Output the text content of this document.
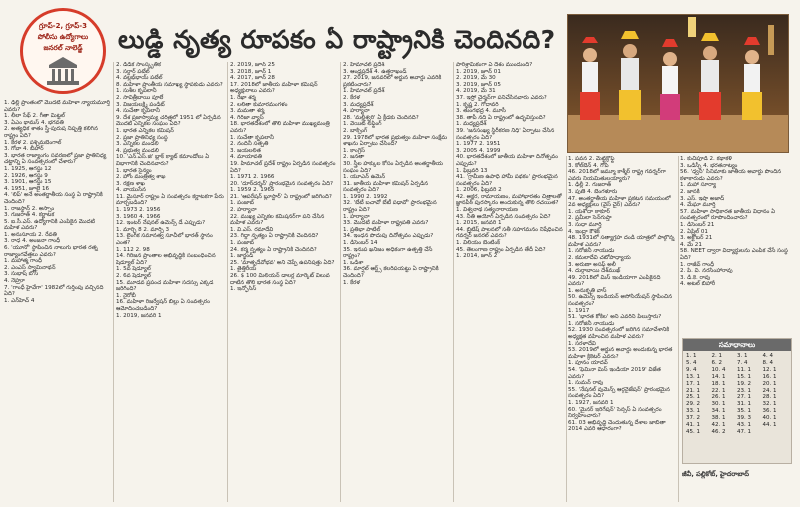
గ్రూప్-2, గ్రూప్-3
పోలీసు ఉద్యోగాలు
జనరల్ నాలెడ్జ్	లుడ్డి నృత్య రూపకం ఏ రాష్ట్రానికి చెందినది?

1. ఢిల్లీ ప్రాంతంలో మొదటి మహిళా న్యాయమూర్తి ఎవరు?

1. లీలా సేథ్ 2. గీతా మిట్టల్

3. ఏఎం థామస్ 4. భగవతి

2. అత్యధిక శాతం స్త్రీ-పురుష నిష్పత్తి కలిగిన రాష్ట్రం ఏది?

1. కేరళ 2. పశ్చిమబెంగాల్

3. గోవా 4. బీహార్

3. భారత రాజ్యాంగం సవరణలో ప్రజా ప్రాతినిధ్య చట్టాన్ని ఏ సంవత్సరంలో చేశారు?

1. 1925, ఆగస్టు 12

2. 1926, ఆగస్టు 9

3. 1901, ఆగస్టు 15

4. 1951, జూలై 16

4. 'లిప్' అనే అంతర్జాతీయ సంస్థ ఏ రాష్ట్రానికి చెందింది?

1. రాజస్థాన్ 2. అస్సాం

3. గుజరాత్ 4. కర్ణాటక

5. ఐ.సీ.ఎస్. ఉద్యోగానికి ఎంపికైన మొదటి మహిళ ఎవరు?

1. అనుసూయ 2. రేవతి

3. రాధ 4. అంజనా గాంధీ

6. 'యూనో' స్థాపించిన నాలుగు భారత రత్న రాజ్యాంగవేత్తలు ఎవరు?

1. మహాత్మ గాంధీ

2. ఎంఎస్ స్వామినాథన్

3. సుభాష్ బోస్

4. నెహ్రూ

7. 'గాంధీ హైవేగా' 1982లో గుర్తింపు వచ్చినది ఏది?

1. ఎన్‌హెచ్ 4

2. డిడిక సాంస్కృతిక

3. సర్దార్ పటేల్

4. వల్లభ్‌భాయ్ పటేల్

8. మహిళా ప్రాంతీయ సమాఖ్య స్థాపకుడు ఎవరు?

1. సుశీల కృపలానీ

2. సావిత్రీబాయి పూలే

3. విజయలక్ష్మి పండిట్

4. సుచేతా కృపలానీ

9. దేశ ప్రజాస్వామ్య చరిత్రలో 1951 లో ఏర్పడిన మొదటి ఎన్నికల సంఘం ఏది?

1. భారత ఎన్నికల కమిషన్

2. ప్రజా ప్రాతినిధ్య సంస్థ

3. ఎన్నికల మండలి

4. ప్రభుత్వ మండలి

10. 'ఎన్.ఎస్.జి' బ్లాక్ క్యాట్ కమాండోలు ఏ విభాగానికి చెందినవారు?

1. భారత సైన్యం

2. హోం మంత్రిత్వ శాఖ

3. రక్షణ శాఖ

4. వాయుసేన

11. మైసూర్ రాష్ట్రం ఏ సంవత్సరం కర్ణాటకగా పేరు మార్చబడింది?

1. 1973 2. 1956

3. 1960 4. 1966

12. ఇంటర్ నేషనల్ ఉమెన్స్ డే ఎప్పుడు?

1. మార్చి 8 2. మార్చి 3

13. లైంగిక సమానత్వ సూచీలో భారత్ స్థానం ఎంత?

1. 112 2. 98

14. గిరిజన ప్రాంతాల అభివృద్ధికి సంబంధించిన షెడ్యూల్ ఏది?

1. 5వ షెడ్యూల్

2. 6వ షెడ్యూల్

15. మూడవ ప్రపంచ మహిళా సదస్సు ఎక్కడ జరిగింది?

1. నైరోబీ

16. మహిళా రిజర్వేషన్ బిల్లు ఏ సంవత్సరం ఆమోదించబడింది?

1. 2019, జనవరి 1

2. 2019, జూన్ 25

3. 2018, జూన్ 1

4. 2017, జూన్ 28

17. 2018లో జాతీయ మహిళా కమిషన్ అధ్యక్షురాలు ఎవరు?

1. రేఖా శర్మ

2. లలితా కుమారమంగళం

3. మమతా శర్మ

4. గిరిజా వ్యాస్

18. భారతదేశంలో తొలి మహిళా ముఖ్యమంత్రి ఎవరు?

1. సుచేతా కృపలానీ

2. నందినీ సత్పతి

3. జయలలిత

4. మాయావతి

19. హిమాచల్ ప్రదేశ్ రాష్ట్రం ఏర్పడిన సంవత్సరం ఏది?

1. 1971 2. 1966

20. 'దూర్‌దర్శన్' ప్రారంభమైన సంవత్సరం ఏది?

1. 1959 2. 1965

21. 'ఆపరేషన్ బ్లూస్టార్' ఏ రాష్ట్రంలో జరిగింది?

1. పంజాబ్

2. హర్యానా

22. ముఖ్య ఎన్నికల కమిషనర్‌గా పని చేసిన మహిళ ఎవరు?

1. వి.ఎస్. రమాదేవి

23. గిద్దా నృత్యం ఏ రాష్ట్రానికి చెందినది?

1. పంజాబ్

24. కర్మ నృత్యం ఏ రాష్ట్రానికి చెందినది?

1. జార్ఖండ్

25. 'మాతృదేవోభవ' అని చెప్పే ఉపనిషత్తు ఏది?

1. తైత్తిరీయ

26. $ 100 మిలియన్ డాలర్ల మార్కెట్ విలువ దాటిన తొలి భారత సంస్థ ఏది?

1. ఇన్ఫోసిస్

2. హిమాచల్ ప్రదేశ్

3. ఆంధ్రప్రదేశ్ 4. ఉత్తరాఖండ్

27. 2019, జనవరిలో అర్జున అవార్డు ఎవరికి ప్రకటించారు?

1. హిమాచల్ ప్రదేశ్

2. కేరళ

3. మధ్యప్రదేశ్

4. హర్యానా

28. 'మల్లీశ్వరి' ఏ క్రీడకు చెందినది?

1. వెయిట్ లిఫ్టింగ్

2. బాక్సింగ్

29. 1978లో భారత ప్రభుత్వం మహిళా సంక్షేమ శాఖను ఏర్పాటు చేసింది?

1. కాంగ్రెస్

2. జనతా

30. స్త్రీల హక్కుల కోసం ఏర్పడిన అంతర్జాతీయ సంఘం ఏది?

1. యూఎన్ ఉమెన్

31. జాతీయ మహిళా కమిషన్ ఏర్పడిన సంవత్సరం ఏది?

1. 1990 2. 1992

32. 'బేటీ బచావో బేటీ పఢావో' ప్రారంభమైన రాష్ట్రం ఏది?

1. హర్యానా

33. మొదటి మహిళా రాష్ట్రపతి ఎవరు?

1. ప్రతిభా పాటిల్

34. ఇంధన పొదుపు దినోత్సవం ఎప్పుడు?

1. డిసెంబర్ 14

35. ఇనుప ఖనిజం అధికంగా ఉత్పత్తి చేసే రాష్ట్రం?

1. ఒడిశా

36. మార్షల్ ఆర్ట్స్ కలరిపయట్టు ఏ రాష్ట్రానికి చెందింది?

1. కేరళ

పారిశ్రామికంగా ఏ దేశం ముందుంది?

1. 2019, జూన్ 01

2. 2019, మే 30

3. 2019, జూన్ 05

4. 2019, మే 31

37. ఇస్రో చైర్మన్‌గా పనిచేసినవారు ఎవరు?

1. కృష్ణ 2. గోదావరి

3. తుంగభద్ర 4. మూసీ

38. తాపీ నది ఏ రాష్ట్రంలో ఉద్భవిస్తుంది?

1. మధ్యప్రదేశ్

39. 'జనసంఖ్య స్థిరీకరణ నిధి' ఏర్పాటు చేసిన సంవత్సరం ఏది?

1. 1977 2. 1951

3. 2005 4. 1999

40. భారతదేశంలో జాతీయ మహిళా దినోత్సవం ఎప్పుడు?

1. ఫిబ్రవరి 13

41. 'గ్రామీణ ఉపాధి హామీ పథకం' ప్రారంభమైన సంవత్సరం ఏది?

1. 2006, ఫిబ్రవరి 2

42. అక్షర, రామాయణం, మహాభారతం చిత్రాలతో జ్ఞానపీఠ్ పురస్కారం అందుకున్న తొలి రచయిత?

1. విశ్వనాథ సత్యనారాయణ

43. నీతి ఆయోగ్ ఏర్పడిన సంవత్సరం ఏది?

1. 2015, జనవరి 1

44. బ్రిటిష్ పాలనలో సతీ సహగమనం నిషేధించిన గవర్నర్ జనరల్ ఎవరు?

1. విలియం బెంటింక్

45. తెలంగాణ రాష్ట్రం ఏర్పడిన తేదీ ఏది?

1. 2014, జూన్ 2

1. పవన 2. మెట్ట్‌క్రోఫ్ట్

3. కోల్‌బెన్ 4. గోపి

46. 2018లో జమ్మూ కాశ్మీర్ రాష్ట్ర గవర్నర్‌గా ఎవరు నియమితులయ్యారు?

1. ఢిల్లీ 2. గుజరాత్

3. పుణె 4. బెంగళూరు

47. అంతర్జాతీయ మహిళా ప్రకటన సమయంలో 2వ అధ్యక్షులు (వైస్ చైర్) ఎవరు?

1. యశోదా ఠాకూర్

2. ప్రమీలా సెన్‌గుప్తా

3. సుధా మూర్తి

4. ఇంద్రా కౌశిక్

48. 1931లో సత్యాగ్రహ దండి యాత్రలో పాల్గొన్న మహిళ ఎవరు?

1. సరోజినీ నాయుడు

2. కమలాదేవి చటోపాధ్యాయ

3. అరుణా అసఫ్ అలీ

4. దుర్గాబాయి దేశ్‌ముఖ్

49. 2018లో మిస్ ఇండియాగా ఎంపికైనది ఎవరు?

1. అనుకృతి వాస్

50. ఉమెన్స్ ఇండియన్ అసోసియేషన్ స్థాపించిన సంవత్సరం?

1. 1917

51. 'భారత కోకిల' అని ఎవరిని పిలుస్తారు?

1. సరోజినీ నాయుడు

52. 1930 సంవత్సరంలో జరిగిన సమావేశానికి అధ్యక్షత వహించిన మహిళ ఎవరు?

1. సరళాదేవి

53. 2019లో అర్జున అవార్డు అందుకున్న భారత మహిళా క్రికెటర్ ఎవరు?

1. పూనం యాదవ్

54. 'ఫెమినా మిస్ ఇండియా 2019' విజేత ఎవరు?

1. సుమన్ రావు

55. 'నేషనల్ వుమెన్స్ ఆర్గనైజేషన్' ప్రారంభమైన సంవత్సరం ఏది?

1. 1927, జనవరి 1

60. 'మైనర్ ఇరిగేషన్' సెన్సస్ ఏ సంవత్సరం నిర్వహించారు?

61. 03 అభివృద్ధి చెందుతున్న దేశాల జాబితా 2014 ఎవరి ఆధారంగా?

1. కుచిపూడి 2. కథాకళి

3. ఒడిస్సీ 4. భరతనాట్యం

56. 'ధ్వని' సినిమాకు జాతీయ అవార్డు పొందిన కళాకారుడు ఎవరు?

1. మహా సూర్యా

2. జానకి

3. ఎస్. ఇషా అజాద్

4. మేఘా మూర్తి

57. మహిళా సాధికారత జాతీయ విధానం ఏ సంవత్సరంలో రూపొందించారు?

1. డిసెంబర్ 21

2. ఏప్రిల్ 01

3. అక్టోబర్ 21

4. మే 21

58. NEET ద్వారా విద్యార్థులను ఎంపిక చేసే సంస్థ ఏది?

1. రాజీవ్ గాంధీ

2. పి. వి. నరసింహారావు

3. డి.కె. రావు

4. అటల్ బిహారీ

సమాధానాలు
1. 1	2. 1	3. 1	4. 4
5. 4	6. 2	7. 4	8. 4
9. 4	10. 4	11. 1	12. 1
13. 1	14. 1	15. 1	16. 1
17. 1	18. 1	19. 2	20. 1
21. 1	22. 1	23. 1	24. 1
25. 1	26. 1	27. 1	28. 1
29. 2	30. 1	31. 1	32. 1
33. 1	34. 1	35. 1	36. 1
37. 2	38. 1	39. 3	40. 1
41. 1	42. 1	43. 1	44. 1
45. 1	46. 2	47. 1
జీవీ, పల్లికోట్, హైదరాబాద్
